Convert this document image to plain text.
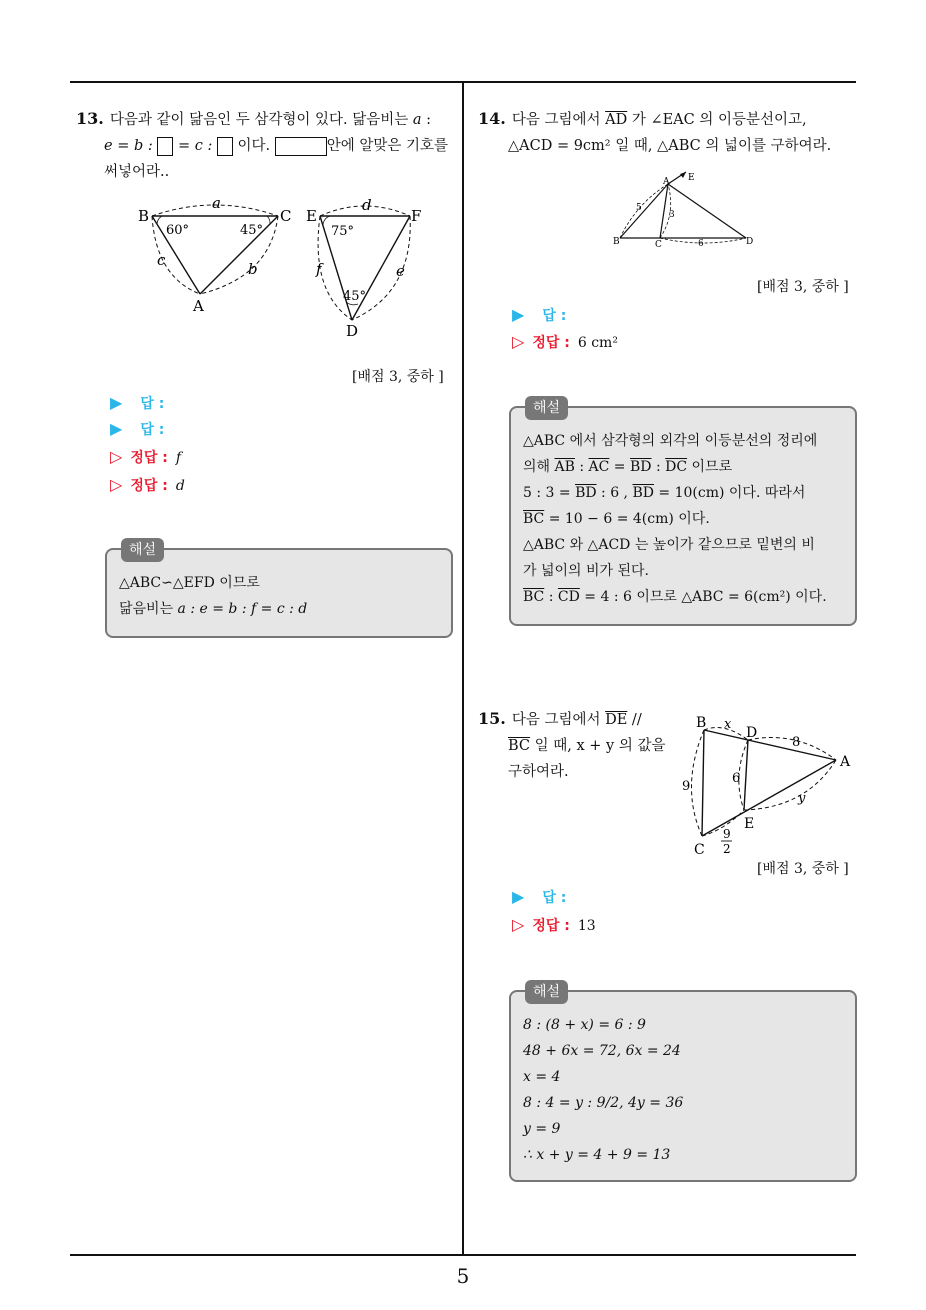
5
13. 다음과 같이 닮음인 두 삼각형이 있다. 닮음비는 a :
e = b :  = c :  이다.	안에 알맞은 기호를
써넣어라..
B	C
A
a
c	b
60°	45°
E	F
D
d
f	e
75°
45°
[배점 3, 중하 ]
▶ 답 :
▶ 답 :
▷ 정답 : f
▷ 정답 : d
해설
△ABC∽△EFD 이므로
닮음비는 a : e = b : f = c : d
14. 다음 그림에서 $\overline{AD}$ 가 ∠EAC 의 이등분선이고,
△ACD = 9cm² 일 때, △ABC 의 넓이를 구하여라.
A E
B	C	D
5
3
6
[배점 3, 중하 ]
▶ 답 :
▷ 정답 : 6 cm²
해설
△ABC 에서 삼각형의 외각의 이등분선의 정리에
의해 $\overline{AB}$ : $\overline{AC} = \overline{BD}$ : $\overline{DC}$ 이므로
5 : $3 = \overline{BD}$ : 6 , $\overline{BD} = 10(cm)$ 이다. 따라서
$\overline{BC} = 10 - 6 = 4(cm)$ 이다.
△ABC 와 △ACD 는 높이가 같으므로 밑변의 비
가 넓이의 비가 된다.
$\overline{BC}$ : $\overline{CD} = 4$ : 6 이므로 △ABC = 6(cm²) 이다.
15. 다음 그림에서 $\overline{DE}$ //
$\overline{BC}$ 일 때, x + y 의 값을
구하여라.
B x
D
8
A
9
6
y
E
C
9
2
[배점 3, 중하 ]
▶ 답 :
▷ 정답 : 13
해설
8 : (8 + x) = 6 : 9
48 + 6x = 72, 6x = 24
x = 4
8 : 4 = y : 9/2, 4y = 36
y = 9
∴ x + y = 4 + 9 = 13
